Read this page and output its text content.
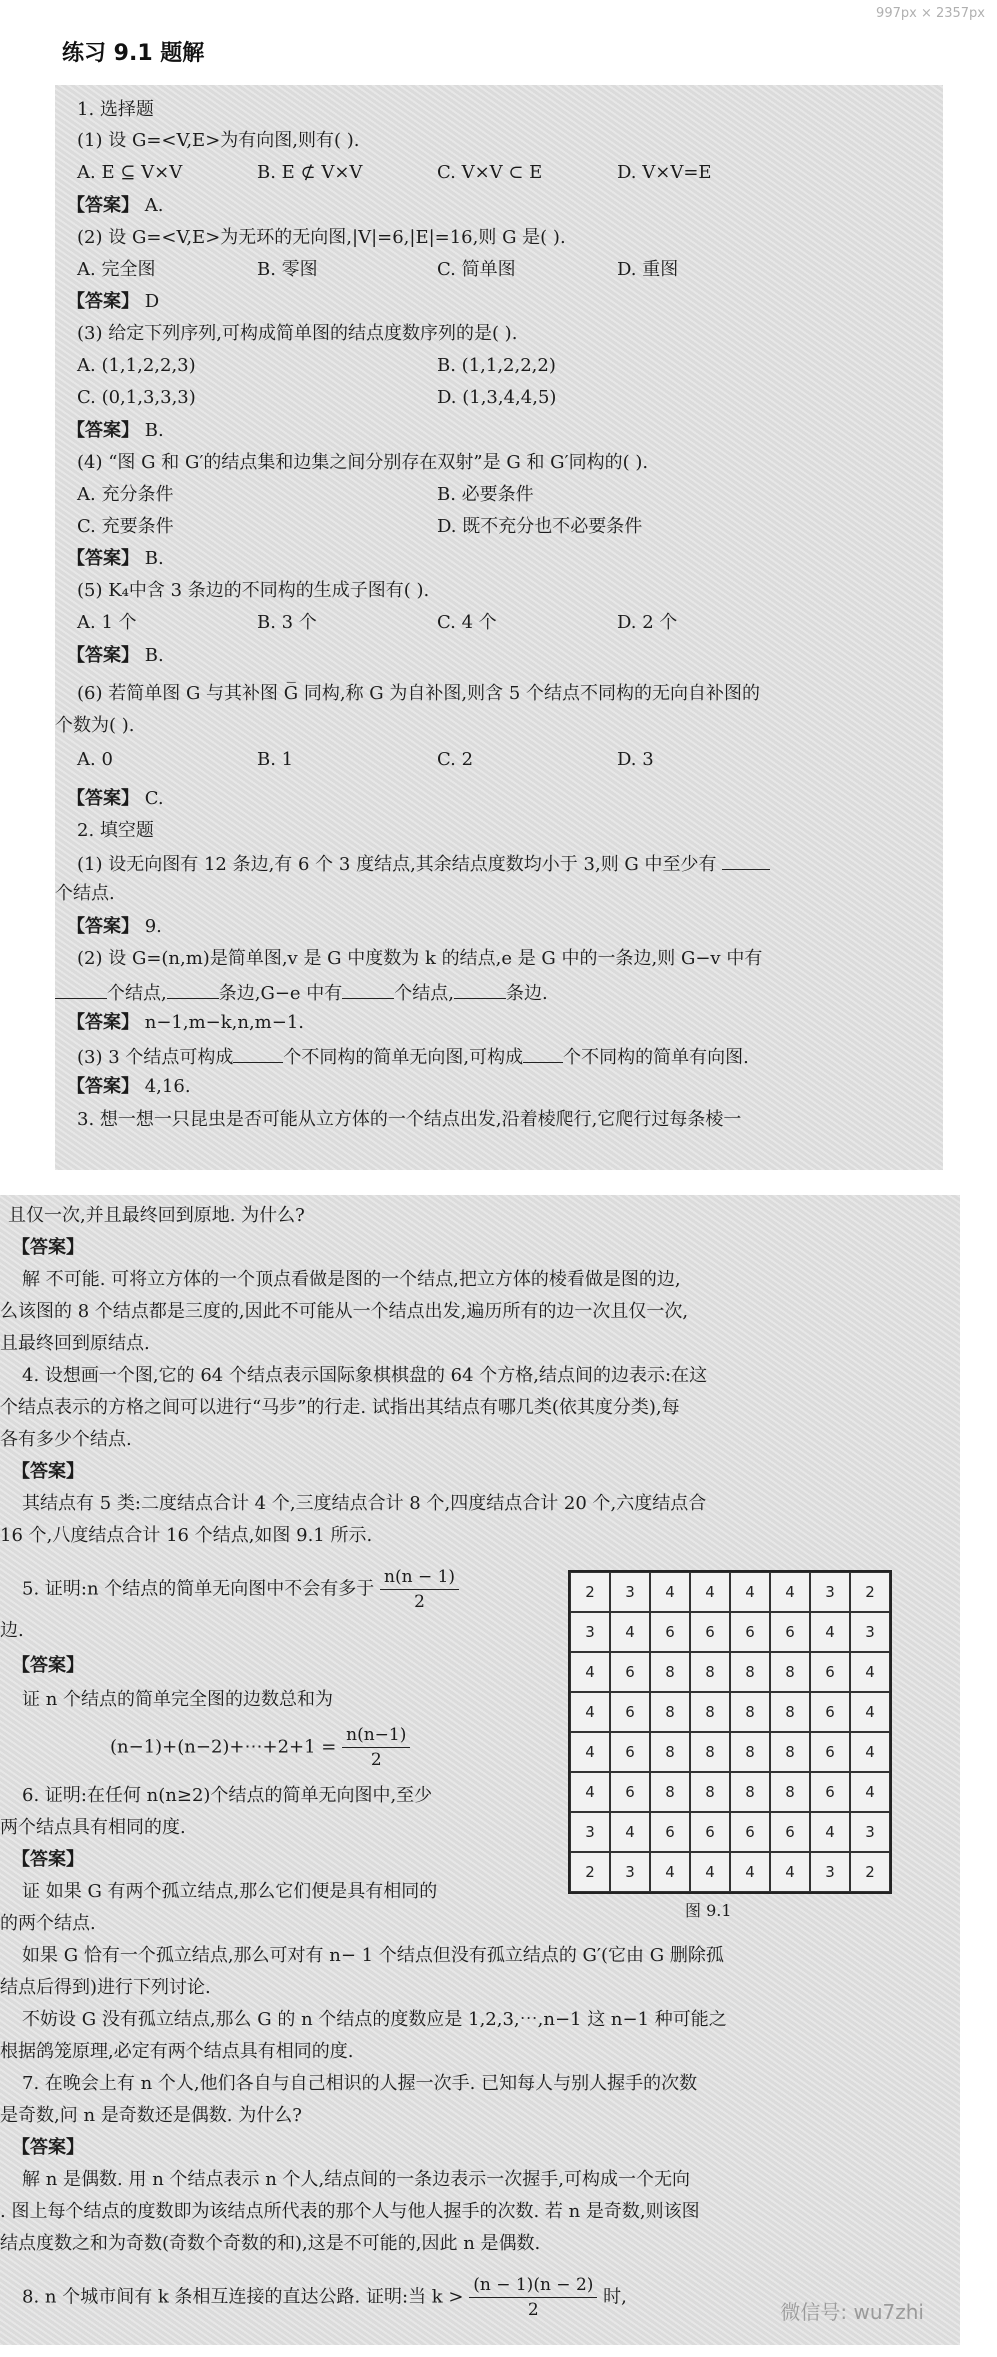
997px × 2357px
练习 9.1 题解
1. 选择题
(1) 设 G=<V,E>为有向图,则有( ).
A. E ⊆ V×V	B. E ⊄ V×V	C. V×V ⊂ E	D. V×V=E
【答案】 A.
(2) 设 G=<V,E>为无环的无向图,|V|=6,|E|=16,则 G 是( ).
A. 完全图	B. 零图	C. 简单图	D. 重图
【答案】 D
(3) 给定下列序列,可构成简单图的结点度数序列的是( ).
A. (1,1,2,2,3)	B. (1,1,2,2,2)
C. (0,1,3,3,3)	D. (1,3,4,4,5)
【答案】 B.
(4) “图 G 和 G′的结点集和边集之间分别存在双射”是 G 和 G′同构的( ).
A. 充分条件	B. 必要条件
C. 充要条件	D. 既不充分也不必要条件
【答案】 B.
(5) K₄中含 3 条边的不同构的生成子图有( ).
A. 1 个	B. 3 个	C. 4 个	D. 2 个
【答案】 B.
(6) 若简单图 G 与其补图 G̅ 同构,称 G 为自补图,则含 5 个结点不同构的无向自补图的
个数为( ).
A. 0	B. 1	C. 2	D. 3
【答案】 C.
2. 填空题
(1) 设无向图有 12 条边,有 6 个 3 度结点,其余结点度数均小于 3,则 G 中至少有
个结点.
【答案】 9.
(2) 设 G=(n,m)是简单图,v 是 G 中度数为 k 的结点,e 是 G 中的一条边,则 G−v 中有
个结点,	条边,G−e 中有	个结点,	条边.
【答案】 n−1,m−k,n,m−1.
(3) 3 个结点可构成	个不同构的简单无向图,可构成 个不同构的简单有向图.
【答案】 4,16.
3. 想一想一只昆虫是否可能从立方体的一个结点出发,沿着棱爬行,它爬行过每条棱一
且仅一次,并且最终回到原地. 为什么?
【答案】
解 不可能. 可将立方体的一个顶点看做是图的一个结点,把立方体的棱看做是图的边,
么该图的 8 个结点都是三度的,因此不可能从一个结点出发,遍历所有的边一次且仅一次,
且最终回到原结点.
4. 设想画一个图,它的 64 个结点表示国际象棋棋盘的 64 个方格,结点间的边表示:在这
个结点表示的方格之间可以进行“马步”的行走. 试指出其结点有哪几类(依其度分类),每
各有多少个结点.
【答案】
其结点有 5 类:二度结点合计 4 个,三度结点合计 8 个,四度结点合计 20 个,六度结点合
16 个,八度结点合计 16 个结点,如图 9.1 所示.
5. 证明:n 个结点的简单无向图中不会有多于 $\frac{n(n - 1)}{2}$
边.
【答案】
证 n 个结点的简单完全图的边数总和为
(n−1)+(n−2)+⋯+2+1 = $\frac{n(n-1)}{2}$
6. 证明:在任何 n(n≥2)个结点的简单无向图中,至少
两个结点具有相同的度.
【答案】
证 如果 G 有两个孤立结点,那么它们便是具有相同的
的两个结点.
如果 G 恰有一个孤立结点,那么可对有 n− 1 个结点但没有孤立结点的 G′(它由 G 删除孤
结点后得到)进行下列讨论.
不妨设 G 没有孤立结点,那么 G 的 n 个结点的度数应是 1,2,3,⋯,n−1 这 n−1 种可能之
根据鸽笼原理,必定有两个结点具有相同的度.
7. 在晚会上有 n 个人,他们各自与自己相识的人握一次手. 已知每人与别人握手的次数
是奇数,问 n 是奇数还是偶数. 为什么?
【答案】
解 n 是偶数. 用 n 个结点表示 n 个人,结点间的一条边表示一次握手,可构成一个无向
. 图上每个结点的度数即为该结点所代表的那个人与他人握手的次数. 若 n 是奇数,则该图
结点度数之和为奇数(奇数个奇数的和),这是不可能的,因此 n 是偶数.
8. n 个城市间有 k 条相互连接的直达公路. 证明:当 $k > \frac{(n - 1)(n - 2)}{2}$ 时,
2	3	4	4	4	4	3	2
3	4	6	6	6	6	4	3
4	6	8	8	8	8	6	4
4	6	8	8	8	8	6	4
4	6	8	8	8	8	6	4
4	6	8	8	8	8	6	4
3	4	6	6	6	6	4	3
2	3	4	4	4	4	3	2
图 9.1
微信号: wu7zhi
